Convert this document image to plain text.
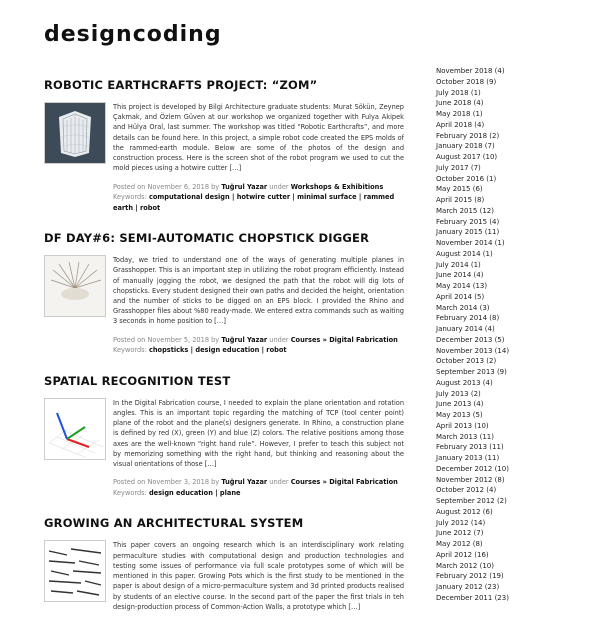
designcoding
ROBOTIC EARTHCRAFTS PROJECT: “ZOM”

This project is developed by Bilgi Architecture graduate students: Murat Sökün, Zeynep Çakmak, and Özlem Güven at our workshop we organized together with Fulya Akipek and Hülya Oral, last summer. The workshop was titled “Robotic Earthcrafts”, and more details can be found here. In this project, a simple robot code created the EPS molds of the rammed-earth module. Below are some of the photos of the design and construction process. Here is the screen shot of the robot program we used to cut the mold pieces using a hotwire cutter […]

Posted on November 6, 2018 by Tuğrul Yazar under Workshops & Exhibitions
Keywords: computational design | hotwire cutter | minimal surface | rammed earth | robot
DF DAY#6: SEMI-AUTOMATIC CHOPSTICK DIGGER

Today, we tried to understand one of the ways of generating multiple planes in Grasshopper. This is an important step in utilizing the robot program efficiently. Instead of manually jogging the robot, we designed the path that the robot will dig lots of chopsticks. Every student designed their own paths and decided the height, orientation and the number of sticks to be digged on an EPS block. I provided the Rhino and Grasshopper files about %80 ready-made. We entered extra commands such as waiting 3 seconds in home position to […]

Posted on November 5, 2018 by Tuğrul Yazar under Courses » Digital Fabrication
Keywords: chopsticks | design education | robot
SPATIAL RECOGNITION TEST

In the Digital Fabrication course, I needed to explain the plane orientation and rotation angles. This is an important topic regarding the matching of TCP (tool center point) plane of the robot and the plane(s) designers generate. In Rhino, a construction plane is defined by red (X), green (Y) and blue (Z) colors. The relative positions among those axes are the well-known “right hand rule”. However, I prefer to teach this subject not by memorizing something with the right hand, but thinking and reasoning about the visual orientations of those […]

Posted on November 3, 2018 by Tuğrul Yazar under Courses » Digital Fabrication
Keywords: design education | plane
GROWING AN ARCHITECTURAL SYSTEM

This paper covers an ongoing research which is an interdisciplinary work relating permaculture studies with computational design and production technologies and testing some issues of performance via full scale prototypes some of which will be mentioned in this paper. Growing Pots which is the first study to be mentioned in the paper is about design of a micro-permaculture system and 3d printed products realised by students of an elective course. In the second part of the paper the first trials in teh design-production process of Common-Action Walls, a prototype which […]

November 2018 (4)
October 2018 (9)
July 2018 (1)
June 2018 (4)
May 2018 (1)
April 2018 (4)
February 2018 (2)
January 2018 (7)
August 2017 (10)
July 2017 (7)
October 2016 (1)
May 2015 (6)
April 2015 (8)
March 2015 (12)
February 2015 (4)
January 2015 (11)
November 2014 (1)
August 2014 (1)
July 2014 (1)
June 2014 (4)
May 2014 (13)
April 2014 (5)
March 2014 (3)
February 2014 (8)
January 2014 (4)
December 2013 (5)
November 2013 (14)
October 2013 (2)
September 2013 (9)
August 2013 (4)
July 2013 (2)
June 2013 (4)
May 2013 (5)
April 2013 (10)
March 2013 (11)
February 2013 (11)
January 2013 (11)
December 2012 (10)
November 2012 (8)
October 2012 (4)
September 2012 (2)
August 2012 (6)
July 2012 (14)
June 2012 (7)
May 2012 (8)
April 2012 (16)
March 2012 (10)
February 2012 (19)
January 2012 (23)
December 2011 (23)
